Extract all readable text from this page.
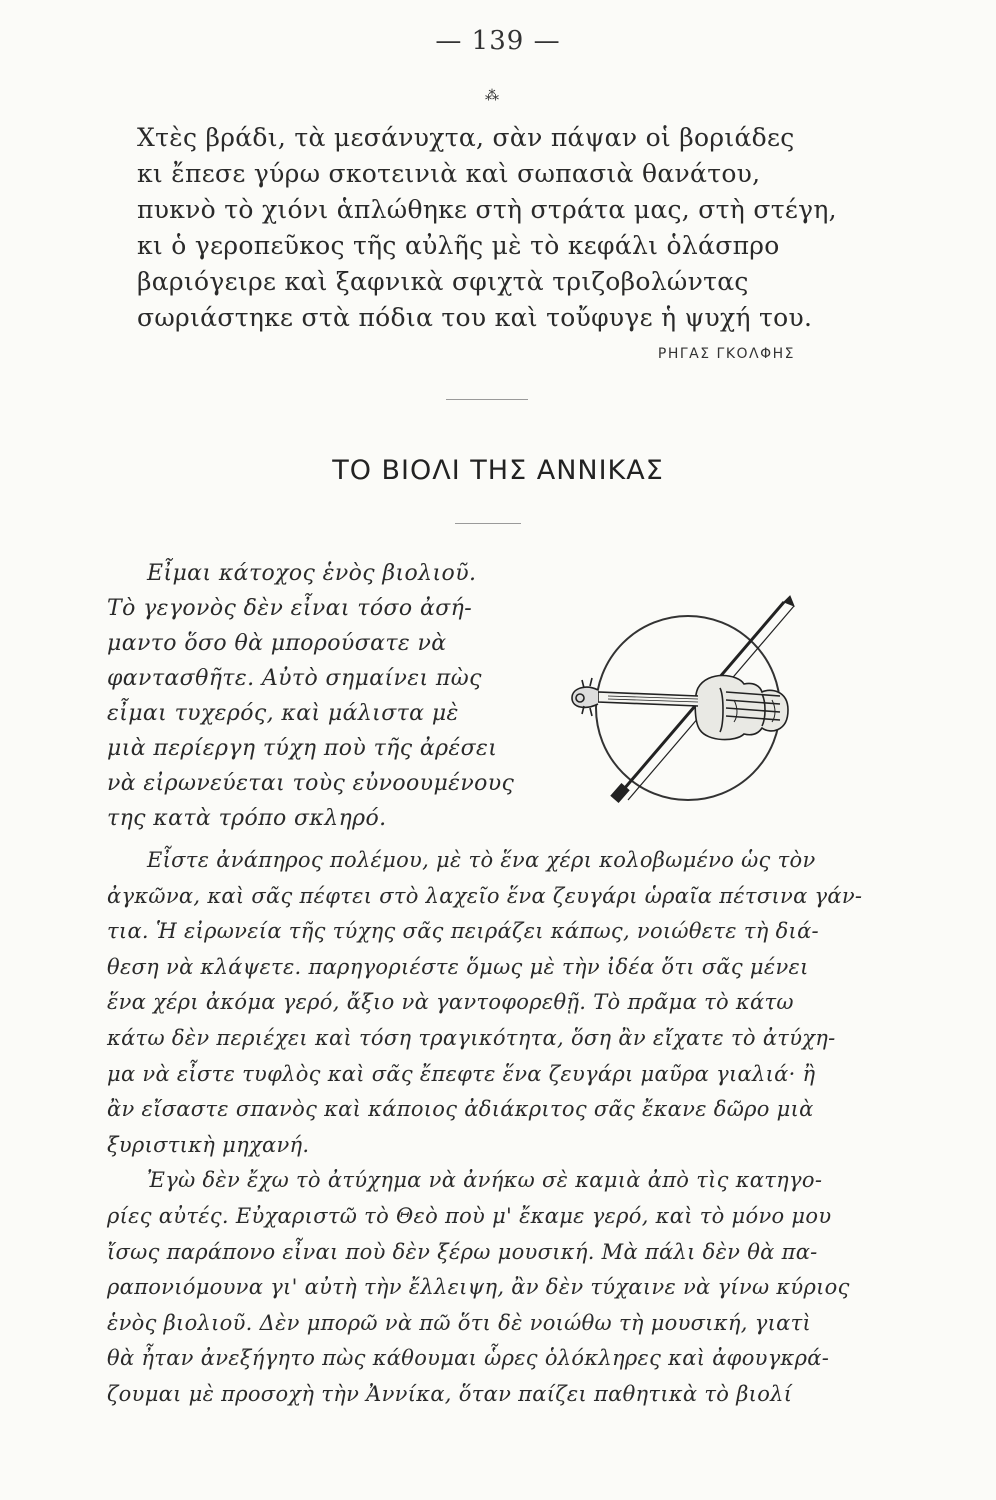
— 139 —
⁂
Χτὲς βράδι, τὰ μεσάνυχτα, σὰν πάψαν οἱ βοριάδες
κι ἔπεσε γύρω σκοτεινιὰ καὶ σωπασιὰ θανάτου,
πυκνὸ τὸ χιόνι ἁπλώθηκε στὴ στράτα μας, στὴ στέγη,
κι ὁ γεροπεῦκος τῆς αὐλῆς μὲ τὸ κεφάλι ὁλάσπρο
βαριόγειρε καὶ ξαφνικὰ σφιχτὰ τριζοβολώντας
σωριάστηκε στὰ πόδια του καὶ τοὔφυγε ἡ ψυχή του.
ΡΗΓΑΣ ΓΚΟΛΦΗΣ
ΤΟ ΒΙΟΛΙ ΤΗΣ ΑΝΝΙΚΑΣ
Εἶμαι κάτοχος ἑνὸς βιολιοῦ.
Τὸ γεγονὸς δὲν εἶναι τόσο ἀσή-
μαντο ὅσο θὰ μπορούσατε νὰ
φαντασθῆτε. Αὐτὸ σημαίνει πὼς
εἶμαι τυχερός, καὶ μάλιστα μὲ
μιὰ περίεργη τύχη ποὺ τῆς ἀρέσει
νὰ εἰρωνεύεται τοὺς εὐνοουμένους
της κατὰ τρόπο σκληρό.
Εἶστε ἀνάπηρος πολέμου, μὲ τὸ ἕνα χέρι κολοβωμένο ὡς τὸν
ἀγκῶνα, καὶ σᾶς πέφτει στὸ λαχεῖο ἕνα ζευγάρι ὡραῖα πέτσινα γάν-
τια. Ἡ εἰρωνεία τῆς τύχης σᾶς πειράζει κάπως, νοιώθετε τὴ διά-
θεση νὰ κλάψετε. παρηγοριέστε ὅμως μὲ τὴν ἰδέα ὅτι σᾶς μένει
ἕνα χέρι ἀκόμα γερό, ἄξιο νὰ γαντοφορεθῇ. Τὸ πρᾶμα τὸ κάτω
κάτω δὲν περιέχει καὶ τόση τραγικότητα, ὅση ἂν εἴχατε τὸ ἀτύχη-
μα νὰ εἶστε τυφλὸς καὶ σᾶς ἔπεφτε ἕνα ζευγάρι μαῦρα γιαλιά· ἢ
ἂν εἴσαστε σπανὸς καὶ κάποιος ἀδιάκριτος σᾶς ἔκανε δῶρο μιὰ
ξυριστικὴ μηχανή.
Ἐγὼ δὲν ἔχω τὸ ἀτύχημα νὰ ἀνήκω σὲ καμιὰ ἀπὸ τὶς κατηγο-
ρίες αὐτές. Εὐχαριστῶ τὸ Θεὸ ποὺ μ' ἔκαμε γερό, καὶ τὸ μόνο μου
ἴσως παράπονο εἶναι ποὺ δὲν ξέρω μουσική. Μὰ πάλι δὲν θὰ πα-
ραπονιόμουνα γι' αὐτὴ τὴν ἔλλειψη, ἂν δὲν τύχαινε νὰ γίνω κύριος
ἑνὸς βιολιοῦ. Δὲν μπορῶ νὰ πῶ ὅτι δὲ νοιώθω τὴ μουσική, γιατὶ
θὰ ἦταν ἀνεξήγητο πὼς κάθουμαι ὧρες ὁλόκληρες καὶ ἀφουγκρά-
ζουμαι μὲ προσοχὴ τὴν Ἀννίκα, ὅταν παίζει παθητικὰ τὸ βιολί
